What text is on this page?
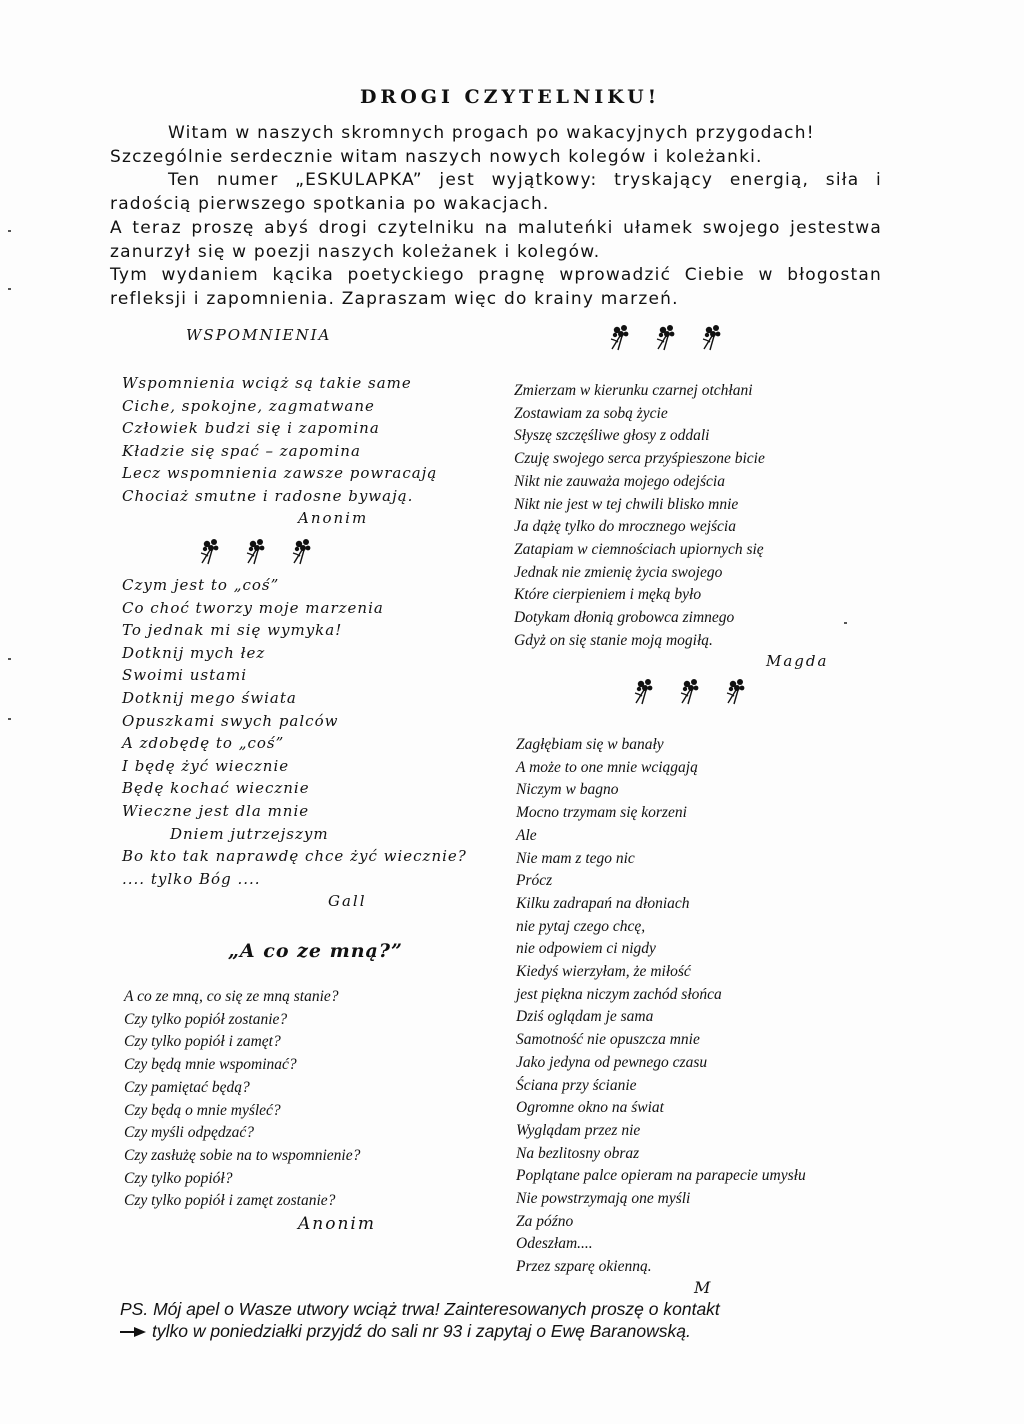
DROGI CZYTELNIKU!

Witam w naszych skromnych progach po wakacyjnych przygodach!

Szczególnie serdecznie witam naszych nowych kolegów i koleżanki.

Ten numer „ESKULAPKA” jest wyjątkowy: tryskający energią, siła i radością pierwszego spotkania po wakacjach.

A teraz proszę abyś drogi czytelniku na maluteńki ułamek swojego jestestwa zanurzył się w poezji naszych koleżanek i kolegów.

Tym wydaniem kącika poetyckiego pragnę wprowadzić Ciebie w błogostan refleksji i zapomnienia. Zapraszam więc do krainy marzeń.

WSPOMNIENIA
Wspomnienia wciąż są takie same
Ciche, spokojne, zagmatwane
Człowiek budzi się i zapomina
Kładzie się spać – zapomina
Lecz wspomnienia zawsze powracają
Chociaż smutne i radosne bywają.
Anonim
Czym jest to „coś”
Co choć tworzy moje marzenia
To jednak mi się wymyka!
Dotknij mych łez
Swoimi ustami
Dotknij mego świata
Opuszkami swych palców
A zdobędę to „coś”
I będę żyć wiecznie
Będę kochać wiecznie
Wieczne jest dla mnie
Dniem jutrzejszym
Bo kto tak naprawdę chce żyć wiecznie?
.... tylko Bóg ....
Gall
„A co ze mną?”
A co ze mną, co się ze mną stanie?
Czy tylko popiół zostanie?
Czy tylko popiół i zamęt?
Czy będą mnie wspominać?
Czy pamiętać będą?
Czy będą o mnie myśleć?
Czy myśli odpędzać?
Czy zasłużę sobie na to wspomnienie?
Czy tylko popiół?
Czy tylko popiół i zamęt zostanie?
Anonim
Zmierzam w kierunku czarnej otchłani
Zostawiam za sobą życie
Słyszę szczęśliwe głosy z oddali
Czuję swojego serca przyśpieszone bicie
Nikt nie zauważa mojego odejścia
Nikt nie jest w tej chwili blisko mnie
Ja dążę tylko do mrocznego wejścia
Zatapiam w ciemnościach upiornych się
Jednak nie zmienię życia swojego
Które cierpieniem i męką było
Dotykam dłonią grobowca zimnego
Gdyż on się stanie moją mogiłą.
Magda
Zagłębiam się w banały
A może to one mnie wciągają
Niczym w bagno
Mocno trzymam się korzeni
Ale
Nie mam z tego nic
Prócz
Kilku zadrapań na dłoniach
nie pytaj czego chcę,
nie odpowiem ci nigdy
Kiedyś wierzyłam, że miłość
jest piękna niczym zachód słońca
Dziś oglądam je sama
Samotność nie opuszcza mnie
Jako jedyna od pewnego czasu
Ściana przy ścianie
Ogromne okno na świat
Wyglądam przez nie
Na bezlitosny obraz
Poplątane palce opieram na parapecie umysłu
Nie powstrzymają one myśli
Za późno
Odeszłam....
Przez szparę okienną.
M
PS. Mój apel o Wasze utwory wciąż trwa! Zainteresowanych proszę o kontakt
tylko w poniedziałki przyjdź do sali nr 93 i zapytaj o Ewę Baranowską.
